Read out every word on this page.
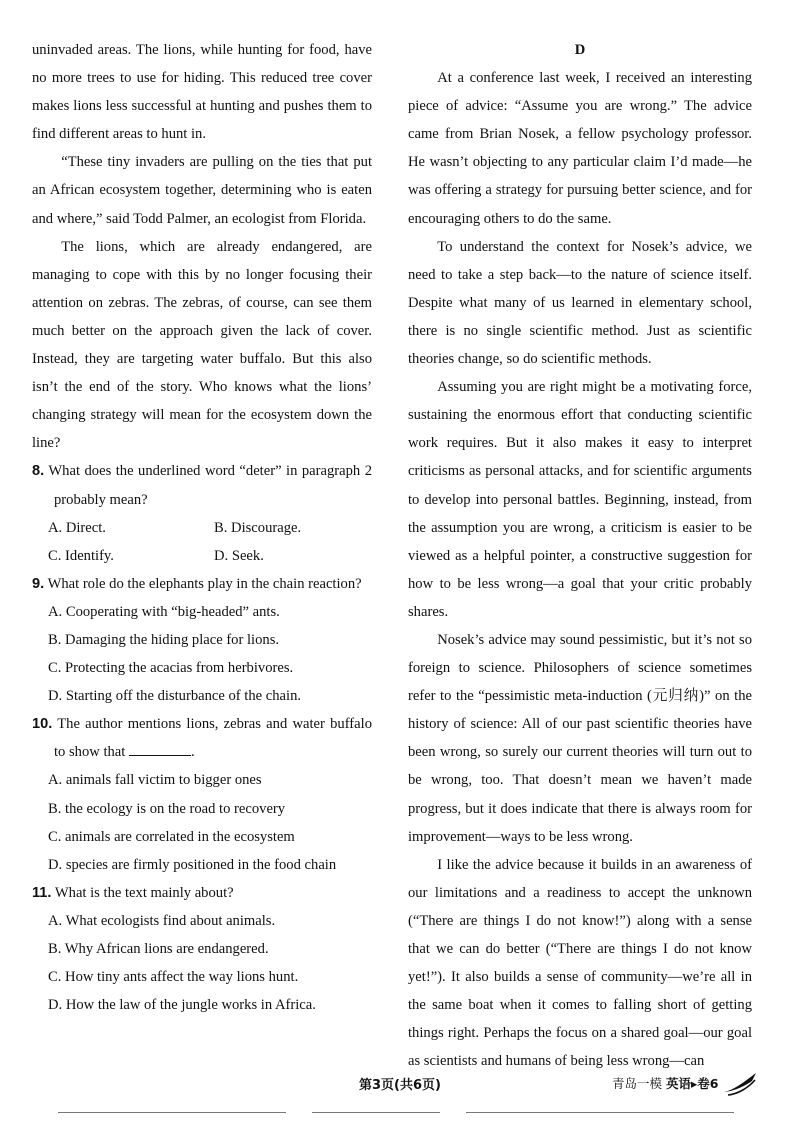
uninvaded areas. The lions, while hunting for food, have no more trees to use for hiding. This reduced tree cover makes lions less successful at hunting and pushes them to find different areas to hunt in.

“These tiny invaders are pulling on the ties that put an African ecosystem together, determining who is eaten and where,” said Todd Palmer, an ecologist from Florida.

The lions, which are already endangered, are managing to cope with this by no longer focusing their attention on zebras. The zebras, of course, can see them much better on the approach given the lack of cover. Instead, they are targeting water buffalo. But this also isn’t the end of the story. Who knows what the lions’ changing strategy will mean for the ecosystem down the line?

8. What does the underlined word “deter” in paragraph 2 probably mean?
A. Direct.	B. Discourage.
C. Identify.	D. Seek.
9. What role do the elephants play in the chain reaction?
A. Cooperating with “big-headed” ants.
B. Damaging the hiding place for lions.
C. Protecting the acacias from herbivores.
D. Starting off the disturbance of the chain.
10. The author mentions lions, zebras and water buffalo to show that	.
A. animals fall victim to bigger ones
B. the ecology is on the road to recovery
C. animals are correlated in the ecosystem
D. species are firmly positioned in the food chain
11. What is the text mainly about?
A. What ecologists find about animals.
B. Why African lions are endangered.
C. How tiny ants affect the way lions hunt.
D. How the law of the jungle works in Africa.

D

At a conference last week, I received an interesting piece of advice: “Assume you are wrong.” The advice came from Brian Nosek, a fellow psychology professor. He wasn’t objecting to any particular claim I’d made—he was offering a strategy for pursuing better science, and for encouraging others to do the same.

To understand the context for Nosek’s advice, we need to take a step back—to the nature of science itself. Despite what many of us learned in elementary school, there is no single scientific method. Just as scientific theories change, so do scientific methods.

Assuming you are right might be a motivating force, sustaining the enormous effort that conducting scientific work requires. But it also makes it easy to interpret criticisms as personal attacks, and for scientific arguments to develop into personal battles. Beginning, instead, from the assumption you are wrong, a criticism is easier to be viewed as a helpful pointer, a constructive suggestion for how to be less wrong—a goal that your critic probably shares.

Nosek’s advice may sound pessimistic, but it’s not so foreign to science. Philosophers of science sometimes refer to the “pessimistic meta-induction (元归纳)” on the history of science: All of our past scientific theories have been wrong, so surely our current theories will turn out to be wrong, too. That doesn’t mean we haven’t made progress, but it does indicate that there is always room for improvement—ways to be less wrong.

I like the advice because it builds in an awareness of our limitations and a readiness to accept the unknown (“There are things I do not know!”) along with a sense that we can do better (“There are things I do not know yet!”). It also builds a sense of community—we’re all in the same boat when it comes to falling short of getting things right. Perhaps the focus on a shared goal—our goal as scientists and humans of being less wrong—can

第3页(共6页)	青岛一模 英语▸卷6
